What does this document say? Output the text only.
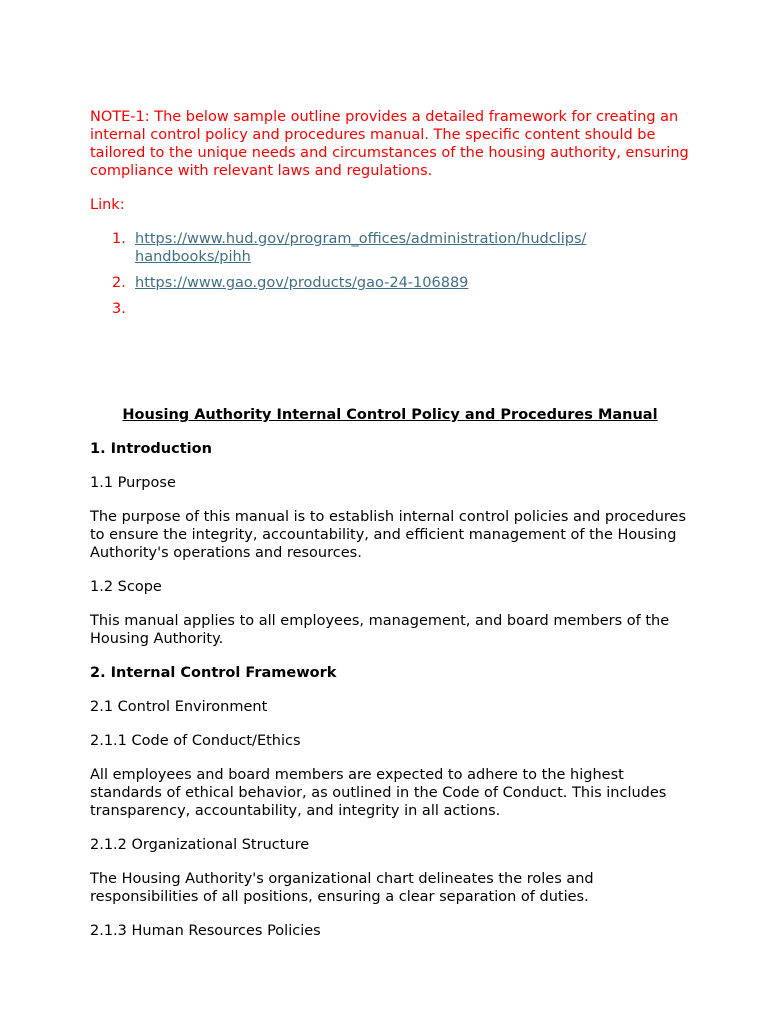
NOTE-1: The below sample outline provides a detailed framework for creating an internal control policy and procedures manual. The specific content should be tailored to the unique needs and circumstances of the housing authority, ensuring compliance with relevant laws and regulations.

Link:

1. https://www.hud.gov/program_offices/administration/hudclips/
handbooks/pihh
2. https://www.gao.gov/products/gao-24-106889
3.

Housing Authority Internal Control Policy and Procedures Manual

1. Introduction

1.1 Purpose

The purpose of this manual is to establish internal control policies and procedures to ensure the integrity, accountability, and efficient management of the Housing Authority's operations and resources.

1.2 Scope

This manual applies to all employees, management, and board members of the Housing Authority.

2. Internal Control Framework

2.1 Control Environment

2.1.1 Code of Conduct/Ethics

All employees and board members are expected to adhere to the highest standards of ethical behavior, as outlined in the Code of Conduct. This includes transparency, accountability, and integrity in all actions.

2.1.2 Organizational Structure

The Housing Authority's organizational chart delineates the roles and responsibilities of all positions, ensuring a clear separation of duties.

2.1.3 Human Resources Policies
